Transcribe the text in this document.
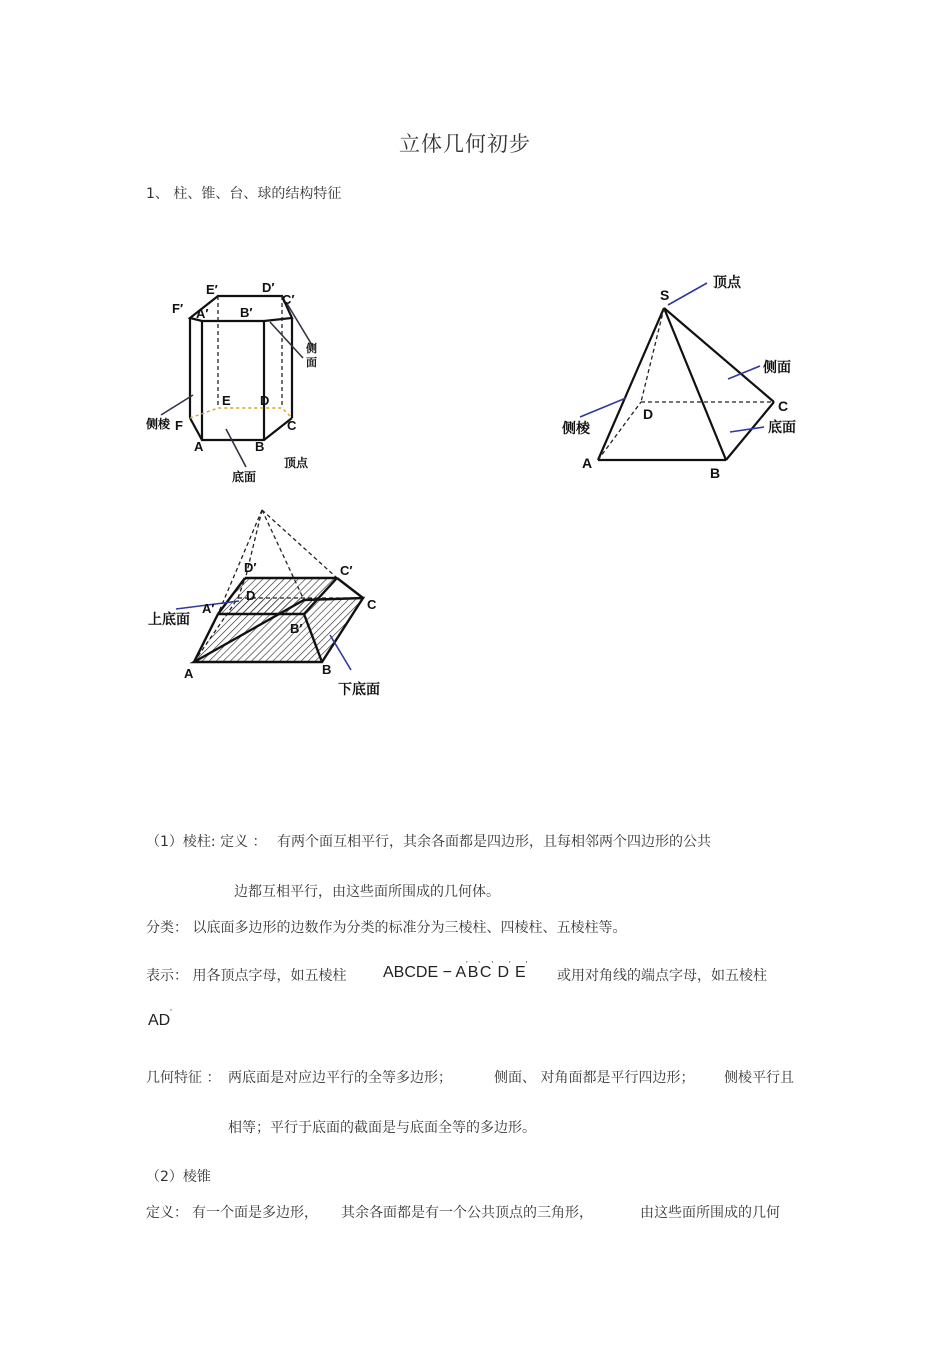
立体几何初步
1、 柱、锥、台、球的结构特征
E′	D′
F′ A′ B′
C′
侧
面
E D
侧棱 F
A	B
C
顶点
底面
顶点
S
侧面
D	C
侧棱	底面
A
B
D′	C′
D
A′
上底面
C
B′
A	B
下底面
（1）棱柱: 定义 ： 有两个面互相平行，其余各面都是四边形，且每相邻两个四边形的公共
边都互相平行，由这些面所围成的几何体。
分类： 以底面多边形的边数作为分类的标准分为三棱柱、四棱柱、五棱柱等。
表示： 用各顶点字母，如五棱柱 ABCDE − A'B'C' D' E'
或用对角线的端点字母，如五棱柱
AD'
几何特征 ： 两底面是对应边平行的全等多边形；	侧面、 对角面都是平行四边形； 侧棱平行且
相等；平行于底面的截面是与底面全等的多边形。
（2）棱锥
定义： 有一个面是多边形， 其余各面都是有一个公共顶点的三角形，	由这些面所围成的几何
